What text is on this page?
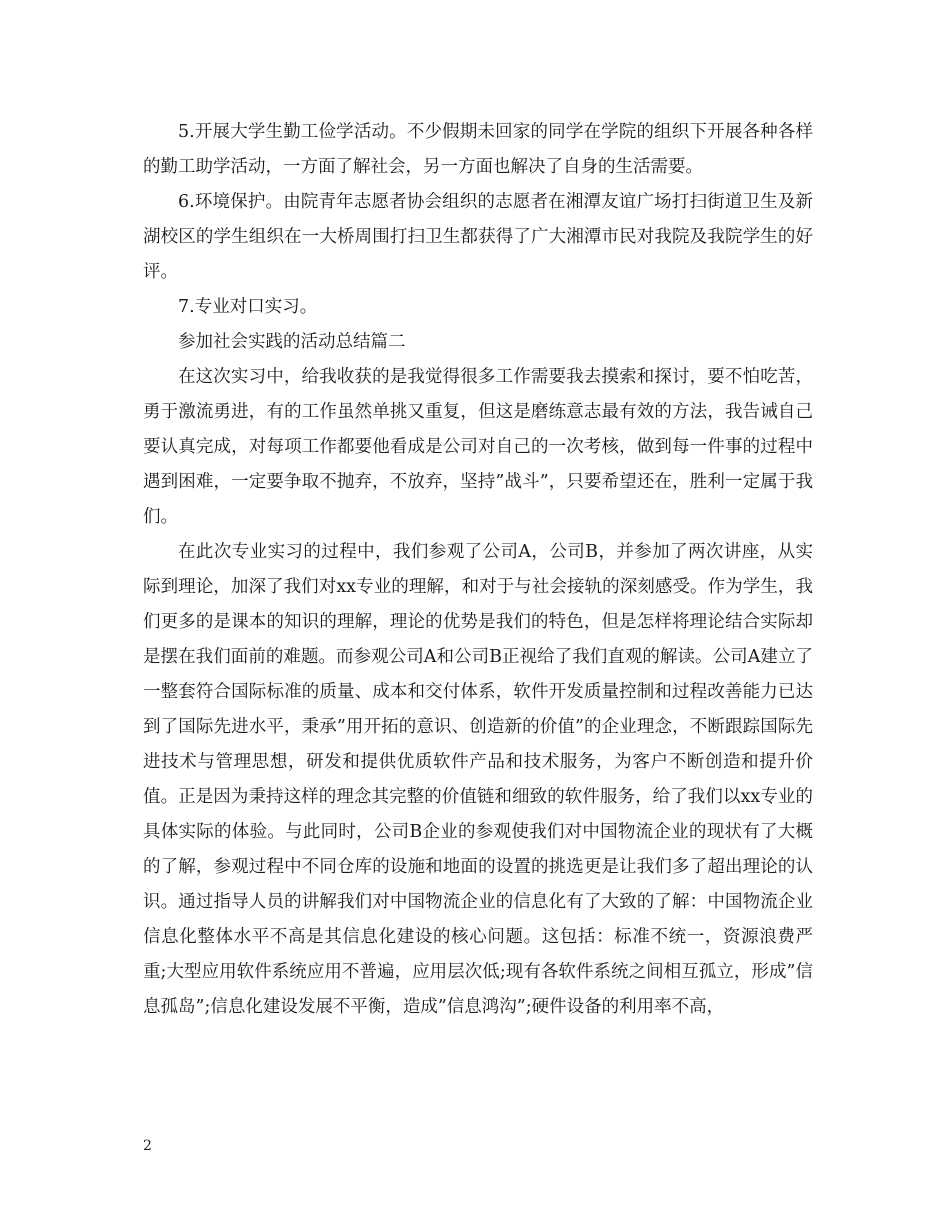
5.开展大学生勤工俭学活动。不少假期未回家的同学在学院的组织下开展各种各样的勤工助学活动，一方面了解社会，另一方面也解决了自身的生活需要。

6.环境保护。由院青年志愿者协会组织的志愿者在湘潭友谊广场打扫街道卫生及新湖校区的学生组织在一大桥周围打扫卫生都获得了广大湘潭市民对我院及我院学生的好评。

7.专业对口实习。

参加社会实践的活动总结篇二

在这次实习中，给我收获的是我觉得很多工作需要我去摸索和探讨，要不怕吃苦，勇于激流勇进，有的工作虽然单挑又重复，但这是磨练意志最有效的方法，我告诫自己要认真完成，对每项工作都要他看成是公司对自己的一次考核，做到每一件事的过程中遇到困难，一定要争取不抛弃，不放弃，坚持”战斗”，只要希望还在，胜利一定属于我们。

在此次专业实习的过程中，我们参观了公司A，公司B，并参加了两次讲座，从实际到理论，加深了我们对xx专业的理解，和对于与社会接轨的深刻感受。作为学生，我们更多的是课本的知识的理解，理论的优势是我们的特色，但是怎样将理论结合实际却是摆在我们面前的难题。而参观公司A和公司B正视给了我们直观的解读。公司A建立了一整套符合国际标准的质量、成本和交付体系，软件开发质量控制和过程改善能力已达到了国际先进水平，秉承”用开拓的意识、创造新的价值”的企业理念，不断跟踪国际先进技术与管理思想，研发和提供优质软件产品和技术服务，为客户不断创造和提升价值。正是因为秉持这样的理念其完整的价值链和细致的软件服务，给了我们以xx专业的具体实际的体验。与此同时，公司B企业的参观使我们对中国物流企业的现状有了大概的了解，参观过程中不同仓库的设施和地面的设置的挑选更是让我们多了超出理论的认识。通过指导人员的讲解我们对中国物流企业的信息化有了大致的了解：中国物流企业信息化整体水平不高是其信息化建设的核心问题。这包括：标准不统一，资源浪费严重;大型应用软件系统应用不普遍，应用层次低;现有各软件系统之间相互孤立，形成”信息孤岛”;信息化建设发展不平衡，造成”信息鸿沟”;硬件设备的利用率不高，

2
